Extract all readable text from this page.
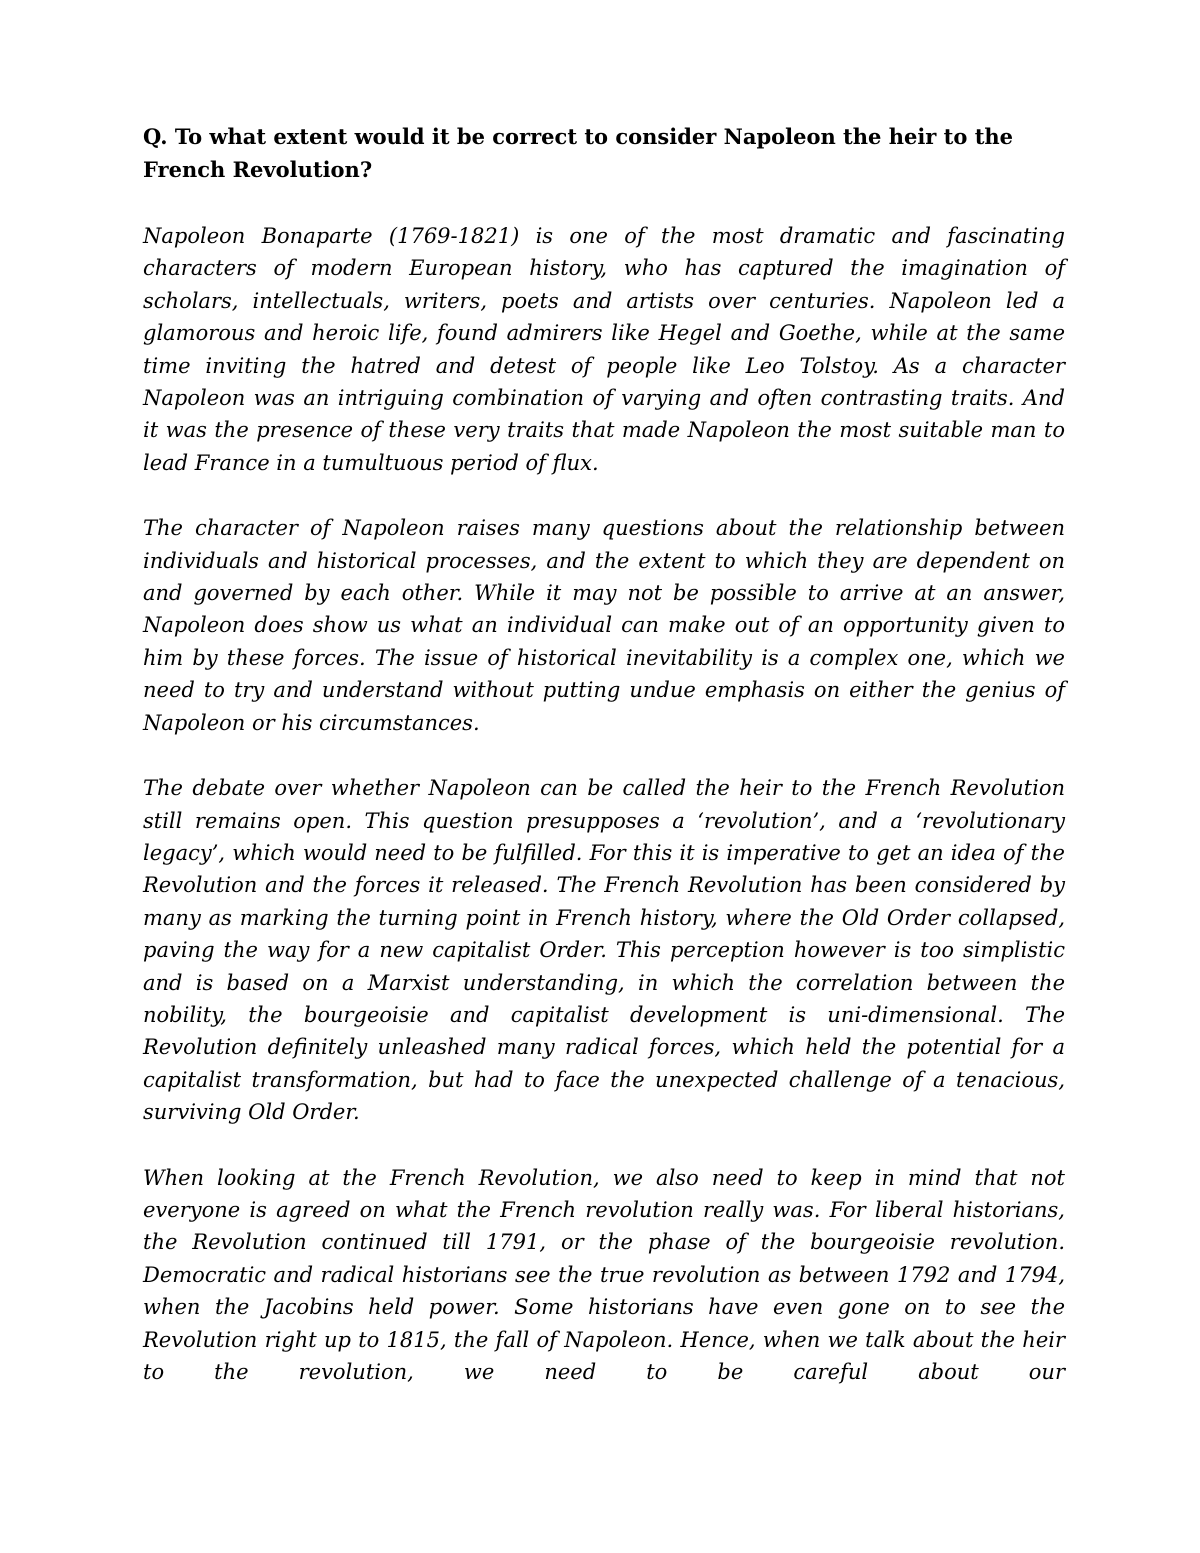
Q. To what extent would it be correct to consider Napoleon the heir to the French Revolution?

Napoleon Bonaparte (1769-1821) is one of the most dramatic and fascinating characters of modern European history, who has captured the imagination of scholars, intellectuals, writers, poets and artists over centuries. Napoleon led a glamorous and heroic life, found admirers like Hegel and Goethe, while at the same time inviting the hatred and detest of people like Leo Tolstoy. As a character Napoleon was an intriguing combination of varying and often contrasting traits. And it was the presence of these very traits that made Napoleon the most suitable man to lead France in a tumultuous period of flux.

The character of Napoleon raises many questions about the relationship between individuals and historical processes, and the extent to which they are dependent on and governed by each other. While it may not be possible to arrive at an answer, Napoleon does show us what an individual can make out of an opportunity given to him by these forces. The issue of historical inevitability is a complex one, which we need to try and understand without putting undue emphasis on either the genius of Napoleon or his circumstances.

The debate over whether Napoleon can be called the heir to the French Revolution still remains open. This question presupposes a ‘revolution’, and a ‘revolutionary legacy’, which would need to be fulfilled. For this it is imperative to get an idea of the Revolution and the forces it released. The French Revolution has been considered by many as marking the turning point in French history, where the Old Order collapsed, paving the way for a new capitalist Order. This perception however is too simplistic and is based on a Marxist understanding, in which the correlation between the nobility, the bourgeoisie and capitalist development is uni-dimensional. The Revolution definitely unleashed many radical forces, which held the potential for a capitalist transformation, but had to face the unexpected challenge of a tenacious, surviving Old Order.

When looking at the French Revolution, we also need to keep in mind that not everyone is agreed on what the French revolution really was. For liberal historians, the Revolution continued till 1791, or the phase of the bourgeoisie revolution. Democratic and radical historians see the true revolution as between 1792 and 1794, when the Jacobins held power. Some historians have even gone on to see the Revolution right up to 1815, the fall of Napoleon. Hence, when we talk about the heir to the revolution, we need to be careful about our
